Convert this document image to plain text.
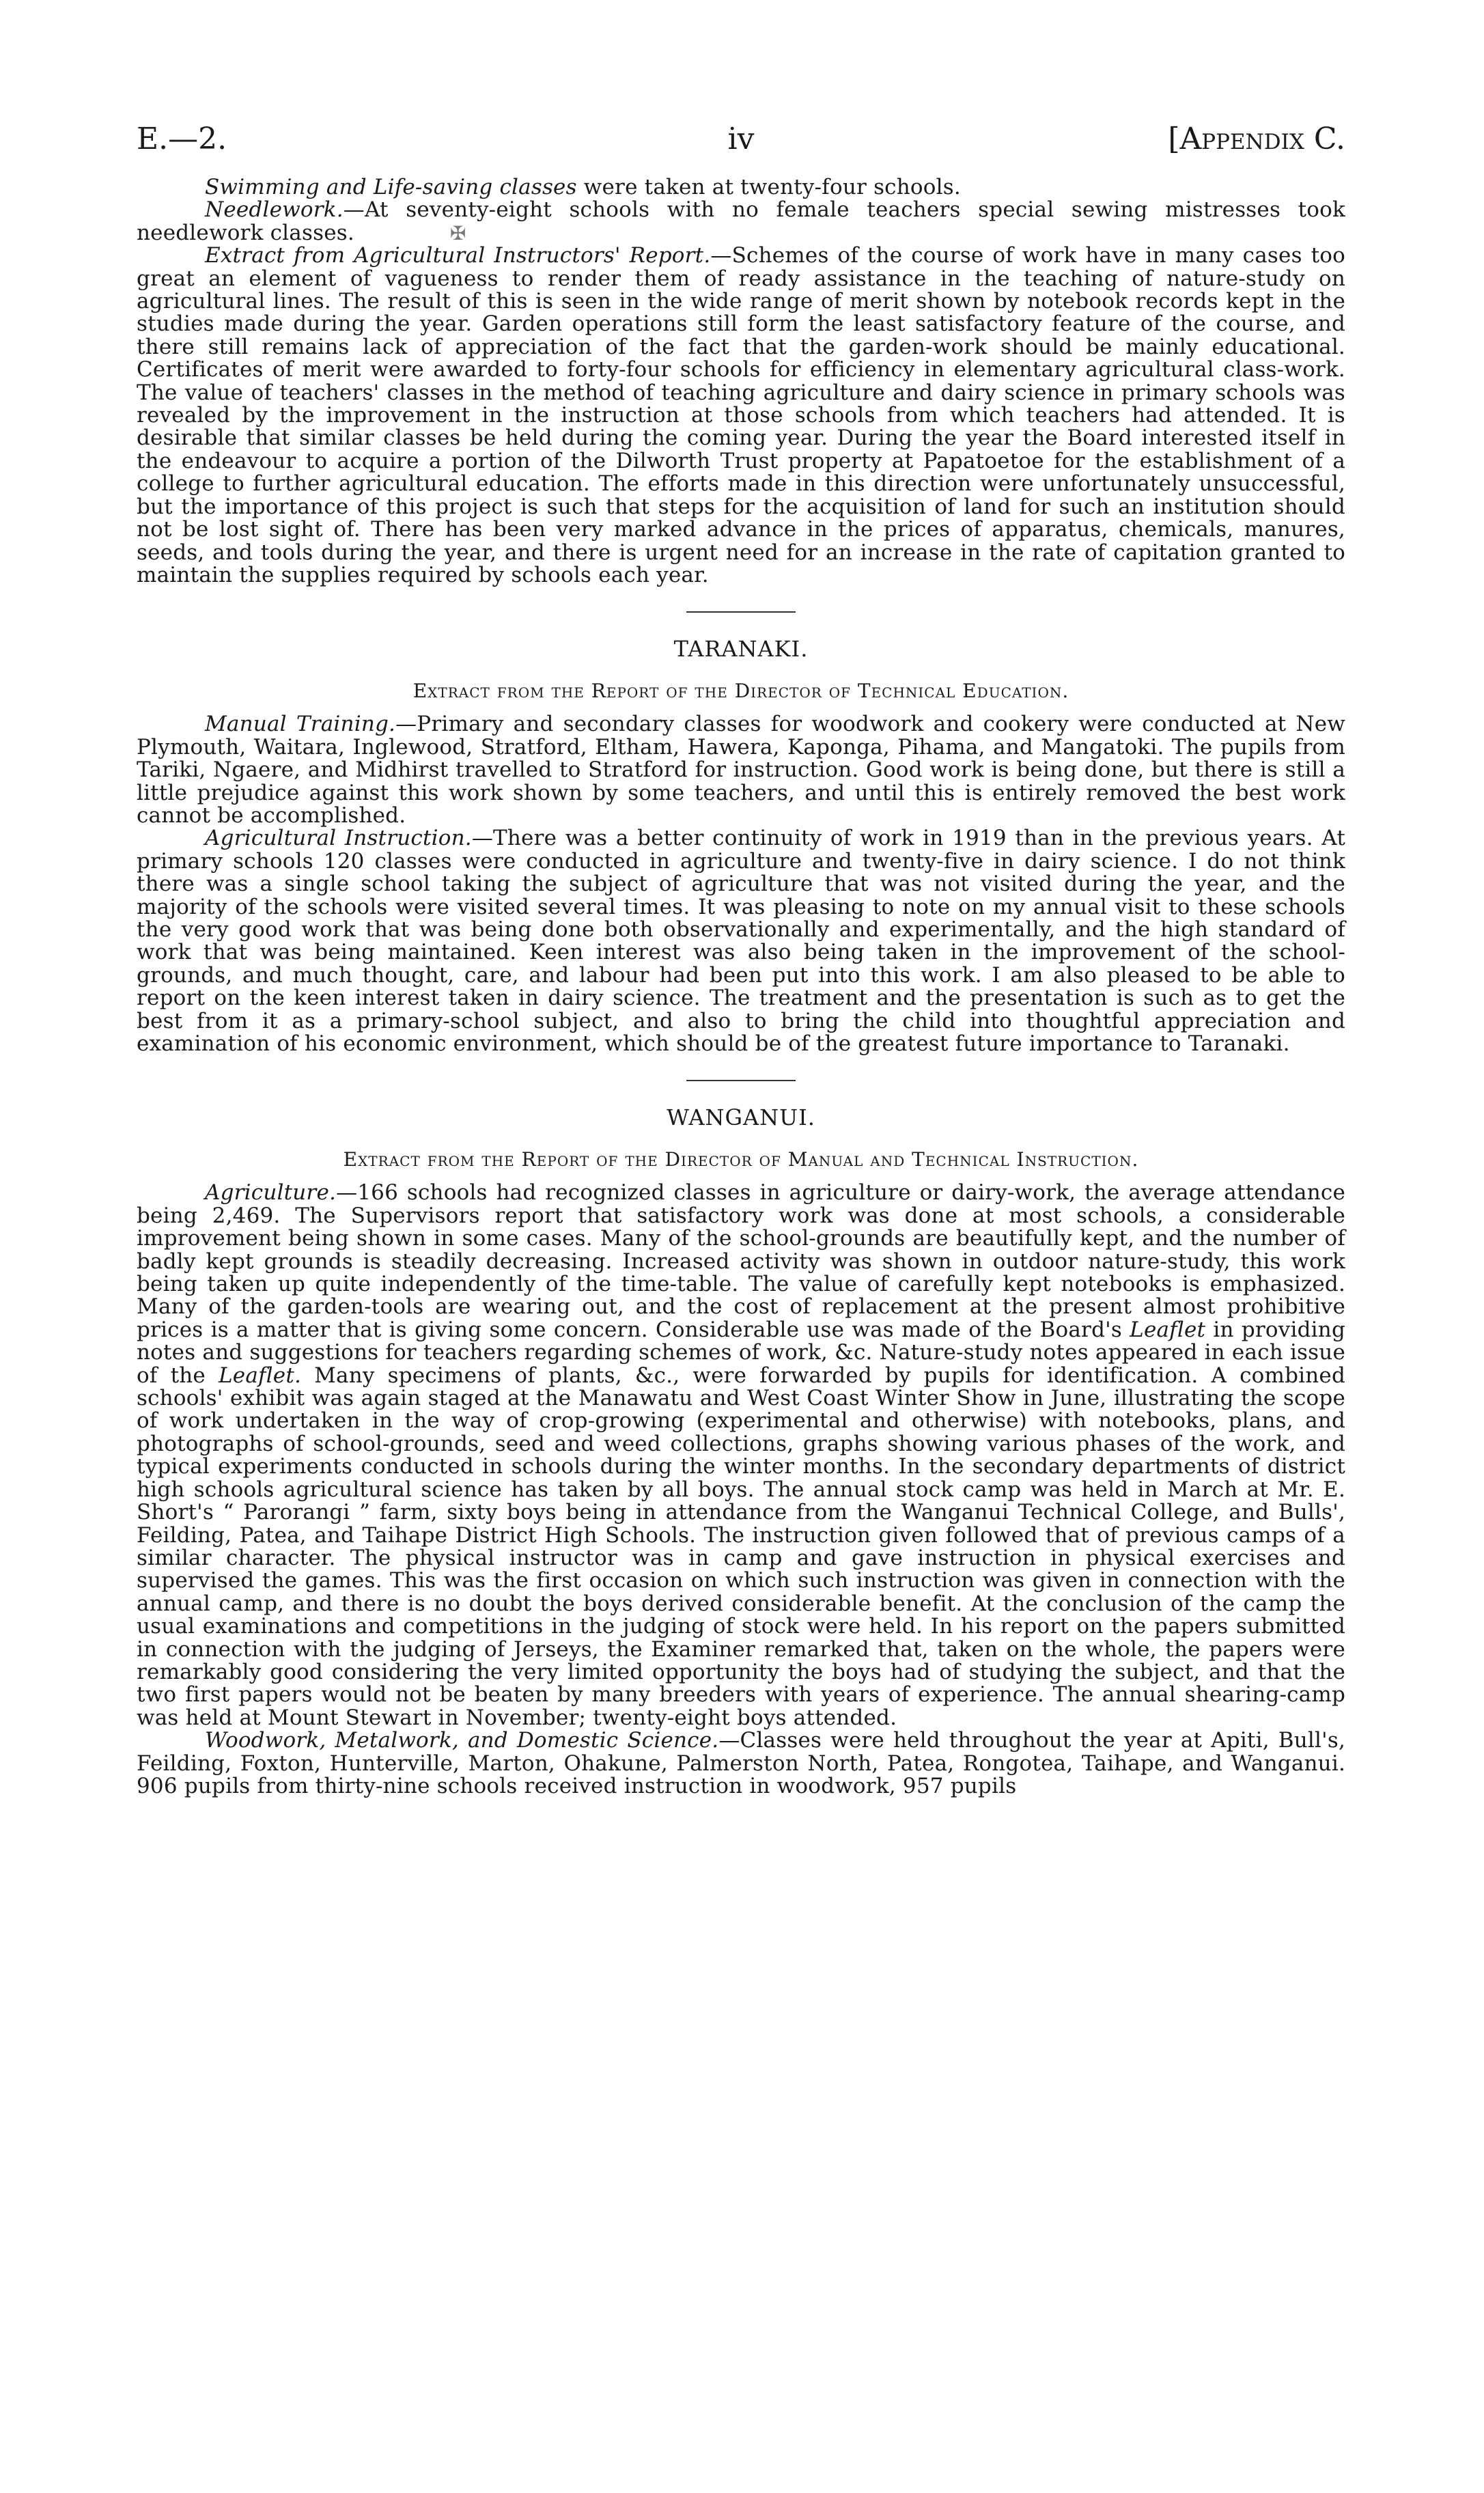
E.—2.	iv	[Appendix C.

Swimming and Life-saving classes were taken at twenty-four schools.

Needlework.—At seventy-eight schools with no female teachers special sewing mistresses took needlework classes.	✠

Extract from Agricultural Instructors' Report.—Schemes of the course of work have in many cases too great an element of vagueness to render them of ready assistance in the teaching of nature-study on agricultural lines. The result of this is seen in the wide range of merit shown by notebook records kept in the studies made during the year. Garden operations still form the least satisfactory feature of the course, and there still remains lack of appreciation of the fact that the garden-work should be mainly educational. Certificates of merit were awarded to forty-four schools for efficiency in elementary agricultural class-work. The value of teachers' classes in the method of teaching agriculture and dairy science in primary schools was revealed by the improvement in the instruction at those schools from which teachers had attended. It is desirable that similar classes be held during the coming year. During the year the Board interested itself in the endeavour to acquire a portion of the Dilworth Trust property at Papatoetoe for the establishment of a college to further agricultural education. The efforts made in this direction were unfortunately unsuccessful, but the importance of this project is such that steps for the acquisition of land for such an institution should not be lost sight of. There has been very marked advance in the prices of apparatus, chemicals, manures, seeds, and tools during the year, and there is urgent need for an increase in the rate of capitation granted to maintain the supplies required by schools each year.

TARANAKI.
Extract from the Report of the Director of Technical Education.

Manual Training.—Primary and secondary classes for woodwork and cookery were conducted at New Plymouth, Waitara, Inglewood, Stratford, Eltham, Hawera, Kaponga, Pihama, and Mangatoki. The pupils from Tariki, Ngaere, and Midhirst travelled to Stratford for instruction. Good work is being done, but there is still a little prejudice against this work shown by some teachers, and until this is entirely removed the best work cannot be accomplished.

Agricultural Instruction.—There was a better continuity of work in 1919 than in the previous years. At primary schools 120 classes were conducted in agriculture and twenty-five in dairy science. I do not think there was a single school taking the subject of agriculture that was not visited during the year, and the majority of the schools were visited several times. It was pleasing to note on my annual visit to these schools the very good work that was being done both observationally and experimentally, and the high standard of work that was being maintained. Keen interest was also being taken in the improvement of the school-grounds, and much thought, care, and labour had been put into this work. I am also pleased to be able to report on the keen interest taken in dairy science. The treatment and the presentation is such as to get the best from it as a primary-school subject, and also to bring the child into thoughtful appreciation and examination of his economic environment, which should be of the greatest future importance to Taranaki.

WANGANUI.
Extract from the Report of the Director of Manual and Technical Instruction.

Agriculture.—166 schools had recognized classes in agriculture or dairy-work, the average attendance being 2,469. The Supervisors report that satisfactory work was done at most schools, a considerable improvement being shown in some cases. Many of the school-grounds are beautifully kept, and the number of badly kept grounds is steadily decreasing. Increased activity was shown in outdoor nature-study, this work being taken up quite independently of the time-table. The value of carefully kept notebooks is emphasized. Many of the garden-tools are wearing out, and the cost of replacement at the present almost prohibitive prices is a matter that is giving some concern. Considerable use was made of the Board's Leaflet in providing notes and suggestions for teachers regarding schemes of work, &c. Nature-study notes appeared in each issue of the Leaflet. Many specimens of plants, &c., were forwarded by pupils for identification. A combined schools' exhibit was again staged at the Manawatu and West Coast Winter Show in June, illustrating the scope of work undertaken in the way of crop-growing (experimental and otherwise) with notebooks, plans, and photographs of school-grounds, seed and weed collections, graphs showing various phases of the work, and typical experiments conducted in schools during the winter months. In the secondary departments of district high schools agricultural science has taken by all boys. The annual stock camp was held in March at Mr. E. Short's “ Parorangi ” farm, sixty boys being in attendance from the Wanganui Technical College, and Bulls', Feilding, Patea, and Taihape District High Schools. The instruction given followed that of previous camps of a similar character. The physical instructor was in camp and gave instruction in physical exercises and supervised the games. This was the first occasion on which such instruction was given in connection with the annual camp, and there is no doubt the boys derived considerable benefit. At the conclusion of the camp the usual examinations and competitions in the judging of stock were held. In his report on the papers submitted in connection with the judging of Jerseys, the Examiner remarked that, taken on the whole, the papers were remarkably good considering the very limited opportunity the boys had of studying the subject, and that the two first papers would not be beaten by many breeders with years of experience. The annual shearing-camp was held at Mount Stewart in November; twenty-eight boys attended.

Woodwork, Metalwork, and Domestic Science.—Classes were held throughout the year at Apiti, Bull's, Feilding, Foxton, Hunterville, Marton, Ohakune, Palmerston North, Patea, Rongotea, Taihape, and Wanganui. 906 pupils from thirty-nine schools received instruction in woodwork, 957 pupils
